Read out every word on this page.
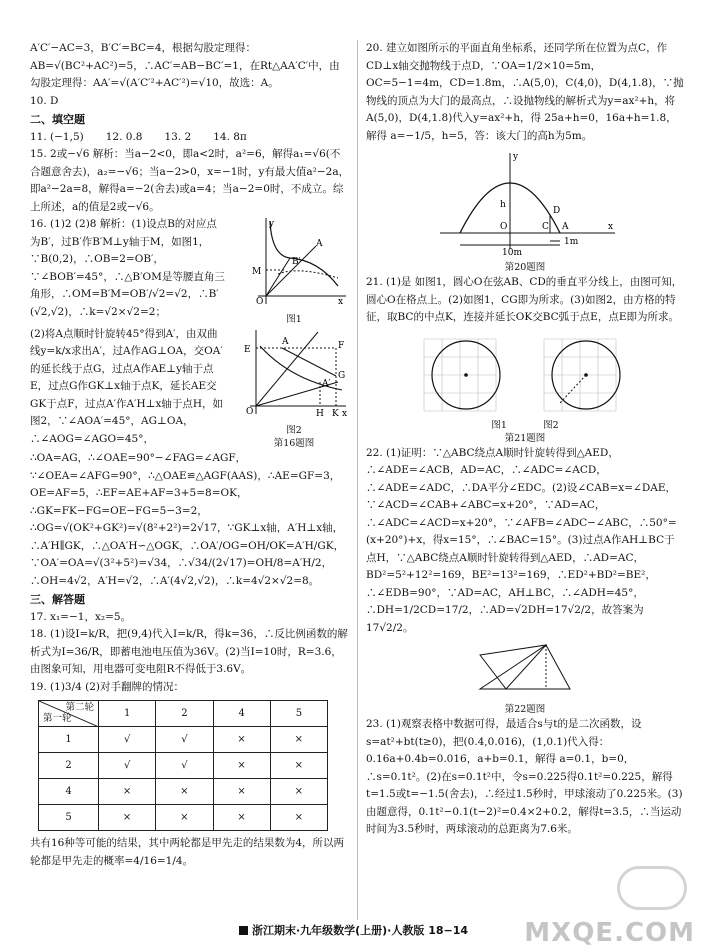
A′C′−AC=3，B′C′=BC=4，根据勾股定理得：AB=√(BC²+AC²)=5，∴AC′=AB−BC′=1，在Rt△AA′C′中，由勾股定理得：AA′=√(A′C′²+AC′²)=√10，故选：A。

10. D

二、填空题

11. (−1,5) 12. 0.8 13. 2 14. 8π

15. 2或−√6 解析：当a−2<0，即a<2时，a²=6，解得a₁=√6(不合题意舍去)，a₂=−√6；当a−2>0，x=−1时，y有最大值a²−2a，即a²−2a=8，解得a=−2(舍去)或a=4；当a−2=0时，不成立。综上所述，a的值是2或−√6。

16. (1)2 (2)8 解析：(1)设点B的对应点为B′，过B′作B′M⊥y轴于M，如图1，∵B(0,2)，∴OB=2=OB′，∵∠BOB′=45°，∴△B′OM是等腰直角三角形，∴OM=B′M=OB′/√2=√2，∴B′(√2,√2)，∴k=√2×√2=2；

M
A
B′
O	x
y
图1

(2)将A点顺时针旋转45°得到A′，由双曲线y=k/x求出A′，过A作AG⊥OA，交OA′的延长线于点G，过点A作AE⊥y轴于点E，过点G作GK⊥x轴于点K，延长AE交GK于点F，过点A′作A′H⊥x轴于点H，如图2，∵∠AOA′=45°，AG⊥OA，∴∠AOG=∠AGO=45°，

E
A	F
G
A′
O	H K x
图2
第16题图

∴OA=AG，∴∠OAE=90°−∠FAG=∠AGF，∵∠OEA=∠AFG=90°，∴△OAE≌△AGF(AAS)，∴AE=GF=3，OE=AF=5，∴EF=AE+AF=3+5=8=OK，∴GK=FK−FG=OE−FG=5−3=2，∴OG=√(OK²+GK²)=√(8²+2²)=2√17，∵GK⊥x轴，A′H⊥x轴，∴A′H∥GK，∴△OA′H∽△OGK，∴OA′/OG=OH/OK=A′H/GK，∵OA′=OA=√(3²+5²)=√34，∴√34/(2√17)=OH/8=A′H/2，∴OH=4√2，A′H=√2，∴A′(4√2,√2)，∴k=4√2×√2=8。

三、解答题

17. x₁=−1，x₂=5。

18. (1)设I=k/R，把(9,4)代入I=k/R，得k=36，∴反比例函数的解析式为I=36/R，即蓄电池电压值为36V。(2)当I=10时，R=3.6，由图象可知，用电器可变电阻R不得低于3.6V。

19. (1)3/4 (2)对手翻牌的情况：

第二轮
第一轮	1	2	4	5
1	√	√	×	×
2	√	√	×	×
4	×	×	×	×
5	×	×	×	×

共有16种等可能的结果，其中两轮都是甲先走的结果数为4，所以两轮都是甲先走的概率=4/16=1/4。

20. 建立如图所示的平面直角坐标系，还同学所在位置为点C，作CD⊥x轴交抛物线于点D，∵OA=1/2×10=5m，OC=5−1=4m，CD=1.8m，∴A(5,0)，C(4,0)，D(4,1.8)，∵抛物线的顶点为大门的最高点，∴设抛物线的解析式为y=ax²+h，将A(5,0)，D(4,1.8)代入y=ax²+h，得 25a+h=0，16a+h=1.8，解得 a=−1/5，h=5，答：该大门的高h为5m。

y
h
O
D
C A	x
10m
1m
第20题图

21. (1)是 如图1，圆心O在弦AB、CD的垂直平分线上，由图可知，圆心O在格点上。(2)如图1，CG即为所求。(3)如图2，由方格的特征，取BC的中点K，连接并延长OK交BC弧于点E，点E即为所求。

图1	图2
第21题图

22. (1)证明：∵△ABC绕点A顺时针旋转得到△AED，∴∠ADE=∠ACB，AD=AC，∴∠ADC=∠ACD，∴∠ADE=∠ADC，∴DA平分∠EDC。(2)设∠CAB=x=∠DAE，∵∠ACD=∠CAB+∠ABC=x+20°，∵AD=AC，∴∠ADC=∠ACD=x+20°，∵∠AFB=∠ADC−∠ABC，∴50°=(x+20°)+x，得x=15°，∴∠BAC=15°。(3)过点A作AH⊥BC于点H，∵△ABC绕点A顺时针旋转得到△AED，∴AD=AC，BD²=5²+12²=169，BE²=13²=169，∴ED²+BD²=BE²，∴∠EDB=90°，∵AD=AC，AH⊥BC，∴∠ADH=45°，∴DH=1/2CD=17/2，∴AD=√2DH=17√2/2，故答案为17√2/2。

第22题图

23. (1)观察表格中数据可得，最适合s与t的是二次函数，设s=at²+bt(t≥0)，把(0.4,0.016)，(1,0.1)代入得：0.16a+0.4b=0.016，a+b=0.1，解得 a=0.1，b=0，∴s=0.1t²。(2)在s=0.1t²中，令s=0.225得0.1t²=0.225，解得t=1.5或t=−1.5(舍去)，∴经过1.5秒时，甲球滚动了0.225米。(3)由题意得，0.1t²−0.1(t−2)²=0.4×2+0.2，解得t=3.5，∴当运动时间为3.5秒时，两球滚动的总距离为7.6米。

浙江期末·九年级数学(上册)·人教版 18−14	MXQE.COM
